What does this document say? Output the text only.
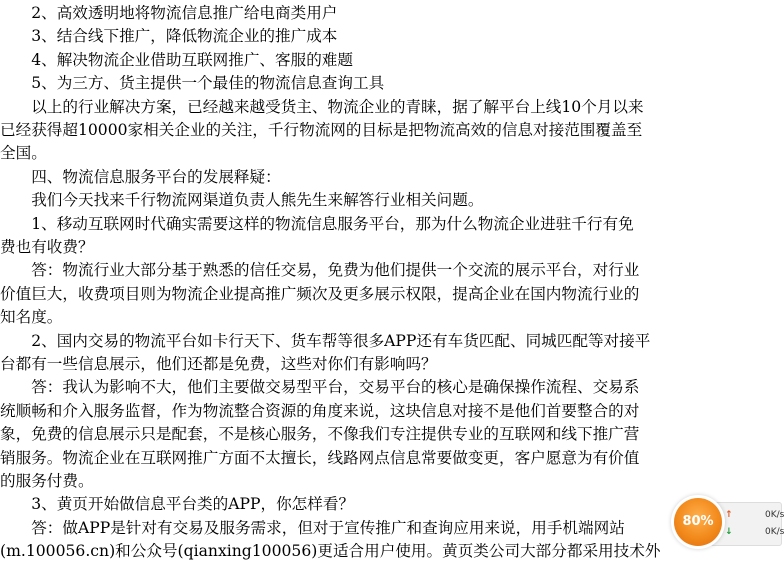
　　2、高效透明地将物流信息推广给电商类用户
　　3、结合线下推广，降低物流企业的推广成本
　　4、解决物流企业借助互联网推广、客服的难题
　　5、为三方、货主提供一个最佳的物流信息查询工具
　　以上的行业解决方案，已经越来越受货主、物流企业的青睐，据了解平台上线10个月以来
已经获得超10000家相关企业的关注，千行物流网的目标是把物流高效的信息对接范围覆盖至
全国。
　　四、物流信息服务平台的发展释疑：
　　我们今天找来千行物流网渠道负责人熊先生来解答行业相关问题。
　　1、移动互联网时代确实需要这样的物流信息服务平台，那为什么物流企业进驻千行有免
费也有收费？
　　答：物流行业大部分基于熟悉的信任交易，免费为他们提供一个交流的展示平台，对行业
价值巨大，收费项目则为物流企业提高推广频次及更多展示权限，提高企业在国内物流行业的
知名度。
　　2、国内交易的物流平台如卡行天下、货车帮等很多APP还有车货匹配、同城匹配等对接平
台都有一些信息展示，他们还都是免费，这些对你们有影响吗？
　　答：我认为影响不大，他们主要做交易型平台，交易平台的核心是确保操作流程、交易系
统顺畅和介入服务监督，作为物流整合资源的角度来说，这块信息对接不是他们首要整合的对
象，免费的信息展示只是配套，不是核心服务，不像我们专注提供专业的互联网和线下推广营
销服务。物流企业在互联网推广方面不太擅长，线路网点信息常要做变更，客户愿意为有价值
的服务付费。
　　3、黄页开始做信息平台类的APP，你怎样看？
　　答：做APP是针对有交易及服务需求，但对于宣传推广和查询应用来说，用手机端网站
(m.100056.cn)和公众号(qianxing100056)更适合用户使用。黄页类公司大部分都采用技术外
↑	0K/s
↓	0K/s
80%
